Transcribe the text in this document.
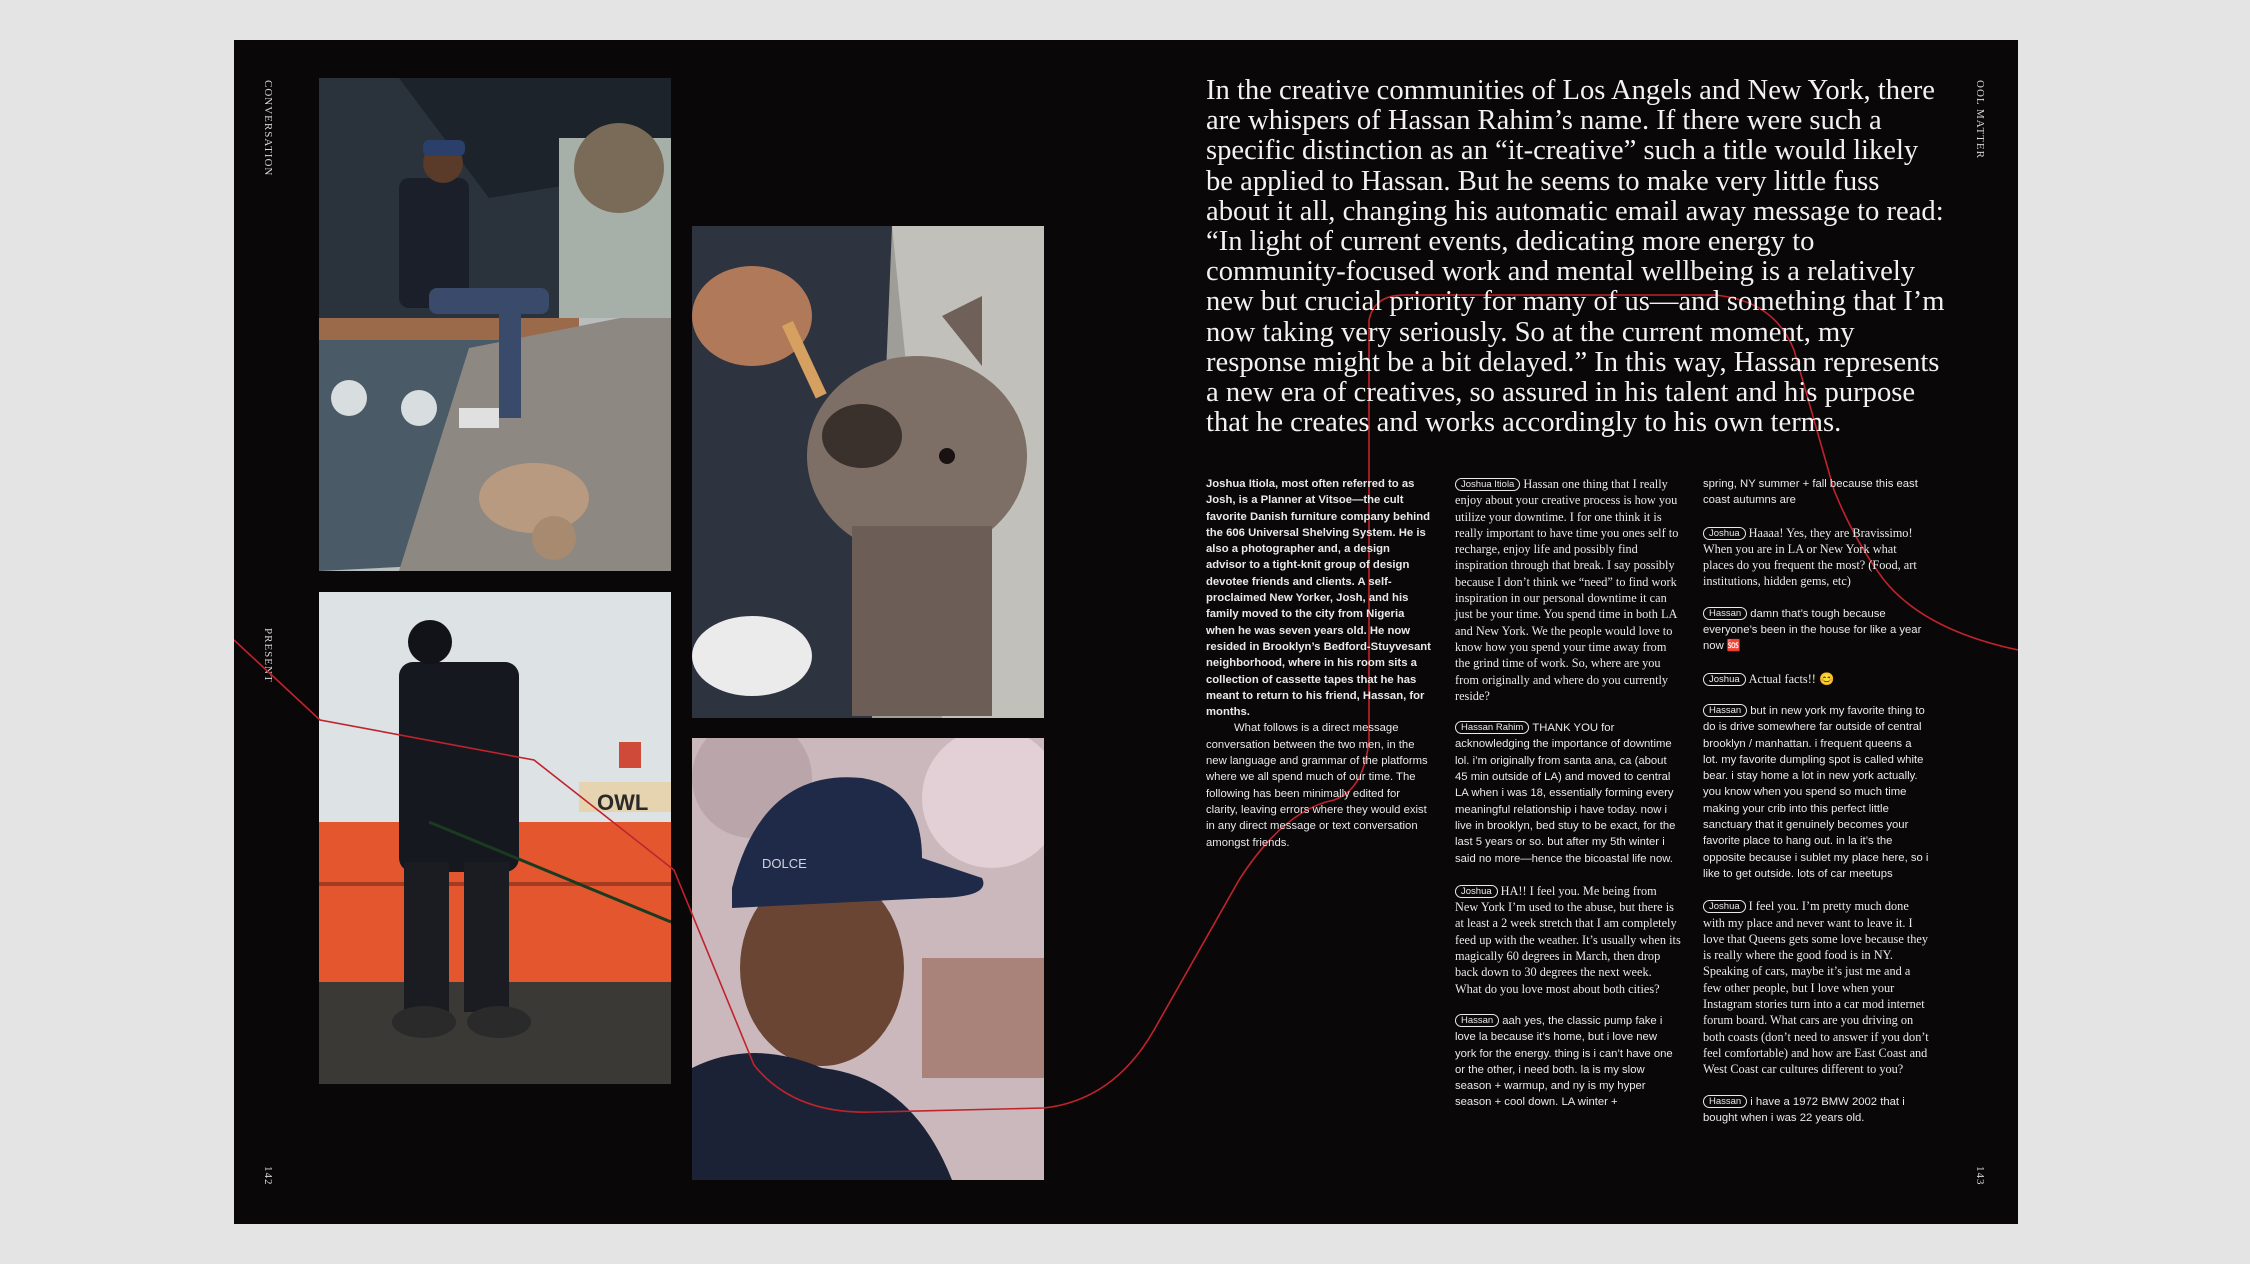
CONVERSATION
PRESENT
142
OOL MATTER
143
OWL
DOLCE

In the creative communities of Los Angels and New York, there are whispers of Hassan Rahim’s name. If there were such a specific distinction as an “it-creative” such a title would likely be applied to Hassan. But he seems to make very little fuss about it all, changing his automatic email away message to read: “In light of current events, dedicating more energy to community-focused work and mental wellbeing is a relatively new but crucial priority for many of us—and something that I’m now taking very seriously. So at the current moment, my response might be a bit delayed.” In this way, Hassan represents a new era of creatives, so assured in his talent and his purpose that he creates and works accordingly to his own terms.

Joshua Itiola, most often referred to as Josh, is a Planner at Vitsoe—the cult favorite Danish furniture company behind the 606 Universal Shelving System. He is also a photographer and, a design advisor to a tight-knit group of design devotee friends and clients. A self-proclaimed New Yorker, Josh, and his family moved to the city from Nigeria when he was seven years old. He now resided in Brooklyn’s Bedford-Stuyvesant neighborhood, where in his room sits a collection of cassette tapes that he has meant to return to his friend, Hassan, for months.
What follows is a direct message conversation between the two men, in the new language and grammar of the platforms where we all spend much of our time. The following has been minimally edited for clarity, leaving errors where they would exist in any direct message or text conversation amongst friends.

Joshua Itiola Hassan one thing that I really enjoy about your creative process is how you utilize your downtime. I for one think it is really important to have time you ones self to recharge, enjoy life and possibly find inspiration through that break. I say possibly because I don’t think we “need” to find work inspiration in our personal downtime it can just be your time. You spend time in both LA and New York. We the people would love to know how you spend your time away from the grind time of work. So, where are you from originally and where do you currently reside?

Hassan Rahim THANK YOU for acknowledging the importance of downtime lol. i’m originally from santa ana, ca (about 45 min outside of LA) and moved to central LA when i was 18, essentially forming every meaningful relationship i have today. now i live in brooklyn, bed stuy to be exact, for the last 5 years or so. but after my 5th winter i said no more—hence the bicoastal life now.

Joshua HA!! I feel you. Me being from New York I’m used to the abuse, but there is at least a 2 week stretch that I am completely feed up with the weather. It’s usually when its magically 60 degrees in March, then drop back down to 30 degrees the next week. What do you love most about both cities?

Hassan aah yes, the classic pump fake i love la because it’s home, but i love new york for the energy. thing is i can’t have one or the other, i need both. la is my slow season + warmup, and ny is my hyper season + cool down. LA winter +

spring, NY summer + fall because this east coast autumns are

Joshua Haaaa! Yes, they are Bravissimo! When you are in LA or New York what places do you frequent the most? (Food, art institutions, hidden gems, etc)

Hassan damn that’s tough because everyone’s been in the house for like a year now 🆘

Joshua Actual facts!! 😊

Hassan but in new york my favorite thing to do is drive somewhere far outside of central brooklyn / manhattan. i frequent queens a lot. my favorite dumpling spot is called white bear. i stay home a lot in new york actually. you know when you spend so much time making your crib into this perfect little sanctuary that it genuinely becomes your favorite place to hang out. in la it’s the opposite because i sublet my place here, so i like to get outside. lots of car meetups

Joshua I feel you. I’m pretty much done with my place and never want to leave it. I love that Queens gets some love because they is really where the good food is in NY. Speaking of cars, maybe it’s just me and a few other people, but I love when your Instagram stories turn into a car mod internet forum board. What cars are you driving on both coasts (don’t need to answer if you don’t feel comfortable) and how are East Coast and West Coast car cultures different to you?

Hassan i have a 1972 BMW 2002 that i bought when i was 22 years old.
